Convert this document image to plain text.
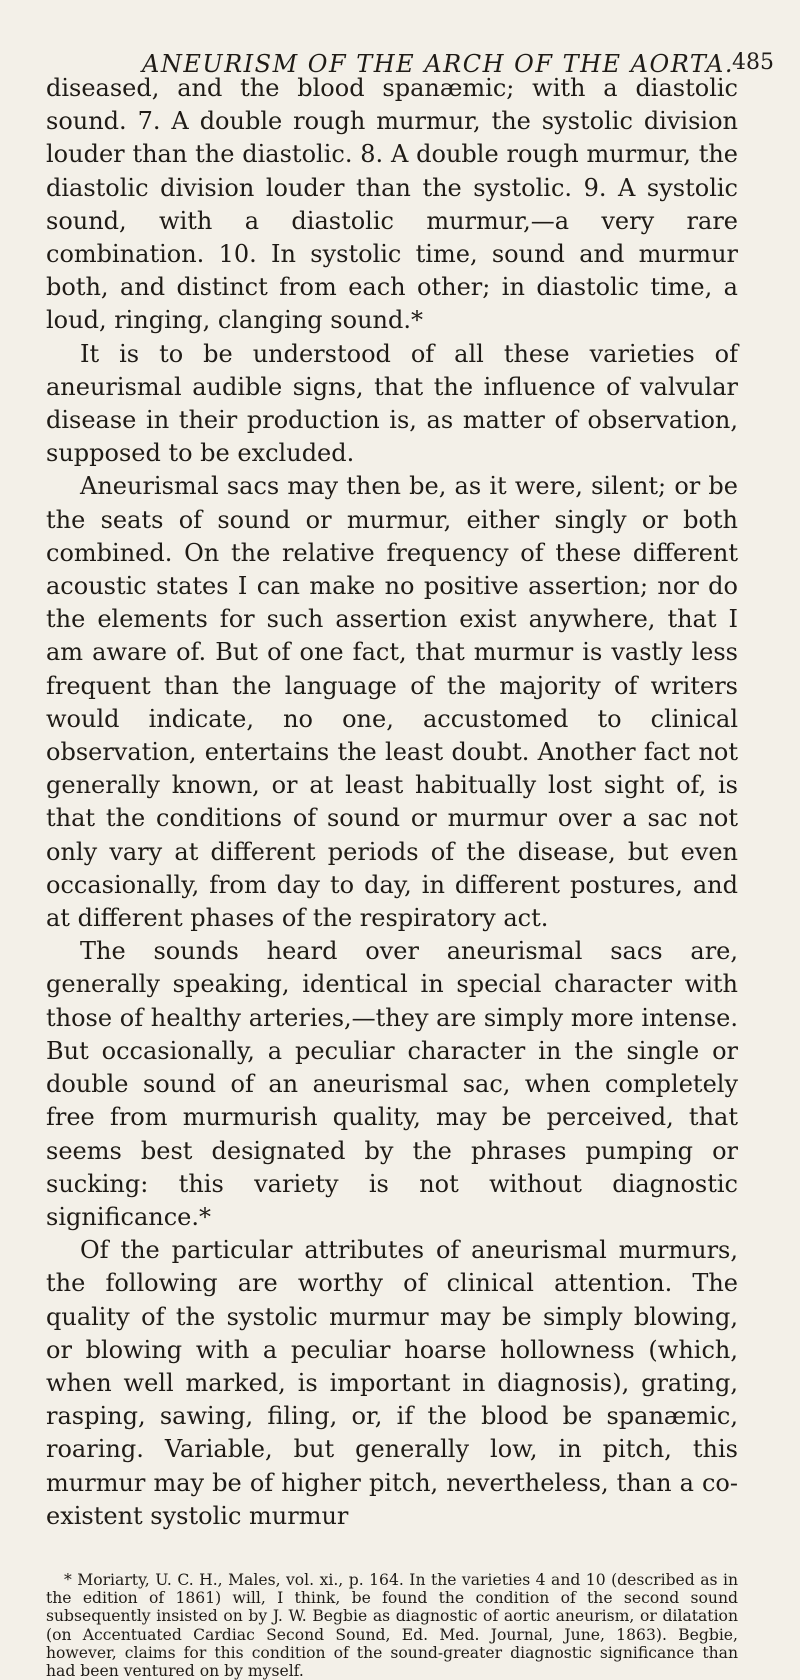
ANEURISM OF THE ARCH OF THE AORTA.
485

diseased, and the blood spanæmic; with a diastolic sound. 7. A double rough murmur, the systolic division louder than the diastolic. 8. A double rough murmur, the diastolic division louder than the systolic. 9. A systolic sound, with a diastolic murmur,—a very rare combination. 10. In systolic time, sound and murmur both, and distinct from each other; in diastolic time, a loud, ringing, clanging sound.*

It is to be understood of all these varieties of aneurismal audible signs, that the influence of valvular disease in their production is, as matter of observation, supposed to be excluded.

Aneurismal sacs may then be, as it were, silent; or be the seats of sound or murmur, either singly or both combined. On the relative frequency of these different acoustic states I can make no positive assertion; nor do the elements for such assertion exist anywhere, that I am aware of. But of one fact, that murmur is vastly less frequent than the language of the majority of writers would indicate, no one, accustomed to clinical observation, entertains the least doubt. Another fact not generally known, or at least habitually lost sight of, is that the conditions of sound or murmur over a sac not only vary at different periods of the disease, but even occasionally, from day to day, in different postures, and at different phases of the respiratory act.

The sounds heard over aneurismal sacs are, generally speaking, identical in special character with those of healthy arteries,—they are simply more intense. But occasionally, a peculiar character in the single or double sound of an aneurismal sac, when completely free from murmurish quality, may be perceived, that seems best designated by the phrases pumping or sucking: this variety is not without diagnostic significance.*

Of the particular attributes of aneurismal murmurs, the following are worthy of clinical attention. The quality of the systolic murmur may be simply blowing, or blowing with a peculiar hoarse hollowness (which, when well marked, is important in diagnosis), grating, rasping, sawing, filing, or, if the blood be spanæmic, roaring. Variable, but generally low, in pitch, this murmur may be of higher pitch, nevertheless, than a co-existent systolic murmur

* Moriarty, U. C. H., Males, vol. xi., p. 164. In the varieties 4 and 10 (described as in the edition of 1861) will, I think, be found the condition of the second sound subsequently insisted on by J. W. Begbie as diagnostic of aortic aneurism, or dilatation (on Accentuated Cardiac Second Sound, Ed. Med. Journal, June, 1863). Begbie, however, claims for this condition of the sound-greater diagnostic significance than had been ventured on by myself.
